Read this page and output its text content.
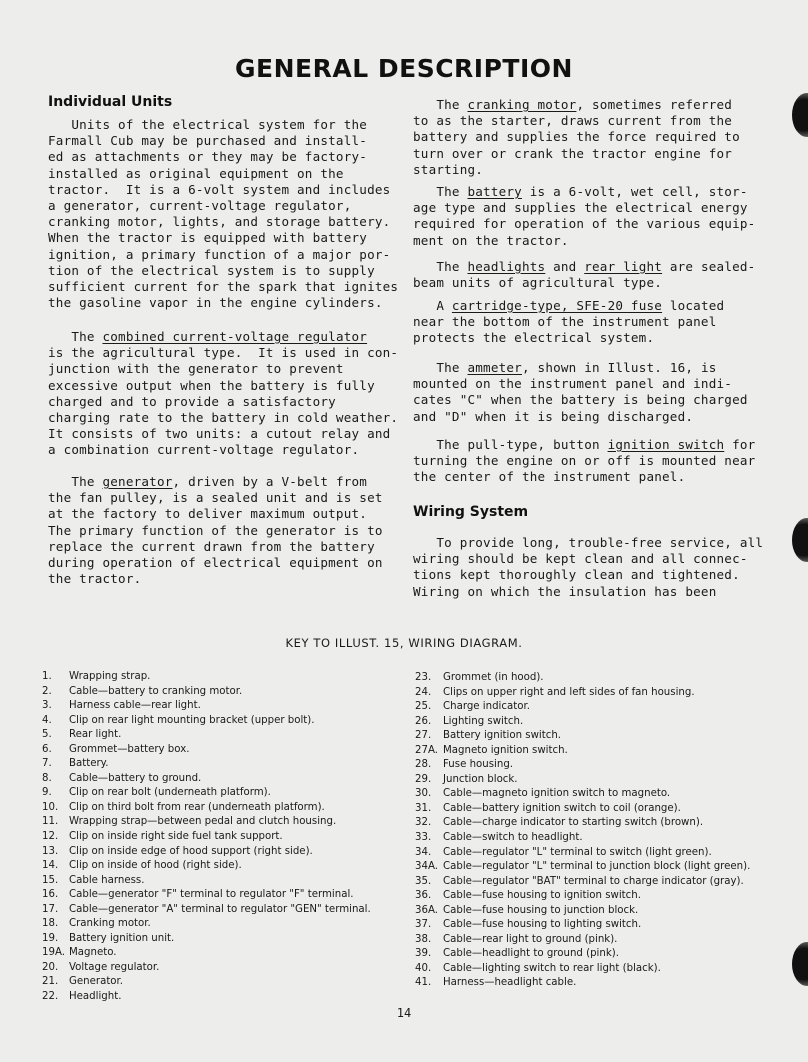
GENERAL DESCRIPTION
Individual Units
Units of the electrical system for the
Farmall Cub may be purchased and install-
ed as attachments or they may be factory-
installed as original equipment on the
tractor.  It is a 6-volt system and includes
a generator, current-voltage regulator,
cranking motor, lights, and storage battery.
When the tractor is equipped with battery
ignition, a primary function of a major por-
tion of the electrical system is to supply
sufficient current for the spark that ignites
the gasoline vapor in the engine cylinders.
The combined current-voltage regulator
is the agricultural type.  It is used in con-
junction with the generator to prevent
excessive output when the battery is fully
charged and to provide a satisfactory
charging rate to the battery in cold weather.
It consists of two units: a cutout relay and
a combination current-voltage regulator.
The generator, driven by a V-belt from
the fan pulley, is a sealed unit and is set
at the factory to deliver maximum output.
The primary function of the generator is to
replace the current drawn from the battery
during operation of electrical equipment on
the tractor.
The cranking motor, sometimes referred
to as the starter, draws current from the
battery and supplies the force required to
turn over or crank the tractor engine for
starting.
The battery is a 6-volt, wet cell, stor-
age type and supplies the electrical energy
required for operation of the various equip-
ment on the tractor.
The headlights and rear light are sealed-
beam units of agricultural type.
A cartridge-type, SFE-20 fuse located
near the bottom of the instrument panel
protects the electrical system.
The ammeter, shown in Illust. 16, is
mounted on the instrument panel and indi-
cates "C" when the battery is being charged
and "D" when it is being discharged.
The pull-type, button ignition switch for
turning the engine on or off is mounted near
the center of the instrument panel.
Wiring System
To provide long, trouble-free service, all
wiring should be kept clean and all connec-
tions kept thoroughly clean and tightened.
Wiring on which the insulation has been
KEY TO ILLUST. 15, WIRING DIAGRAM.
1.	Wrapping strap.
2.	Cable—battery to cranking motor.
3.	Harness cable—rear light.
4.	Clip on rear light mounting bracket (upper bolt).
5.	Rear light.
6.	Grommet—battery box.
7.	Battery.
8.	Cable—battery to ground.
9.	Clip on rear bolt (underneath platform).
10.	Clip on third bolt from rear (underneath platform).
11.	Wrapping strap—between pedal and clutch housing.
12.	Clip on inside right side fuel tank support.
13.	Clip on inside edge of hood support (right side).
14.	Clip on inside of hood (right side).
15.	Cable harness.
16.	Cable—generator "F" terminal to regulator "F" terminal.
17.	Cable—generator "A" terminal to regulator "GEN" terminal.
18.	Cranking motor.
19.	Battery ignition unit.
19A. Magneto.
20.	Voltage regulator.
21.	Generator.
22.	Headlight.
23.	Grommet (in hood).
24.	Clips on upper right and left sides of fan housing.
25.	Charge indicator.
26.	Lighting switch.
27.	Battery ignition switch.
27A. Magneto ignition switch.
28.	Fuse housing.
29.	Junction block.
30.	Cable—magneto ignition switch to magneto.
31.	Cable—battery ignition switch to coil (orange).
32.	Cable—charge indicator to starting switch (brown).
33.	Cable—switch to headlight.
34.	Cable—regulator "L" terminal to switch (light green).
34A. Cable—regulator "L" terminal to junction block (light green).
35.	Cable—regulator "BAT" terminal to charge indicator (gray).
36.	Cable—fuse housing to ignition switch.
36A. Cable—fuse housing to junction block.
37.	Cable—fuse housing to lighting switch.
38.	Cable—rear light to ground (pink).
39.	Cable—headlight to ground (pink).
40.	Cable—lighting switch to rear light (black).
41.	Harness—headlight cable.
14
